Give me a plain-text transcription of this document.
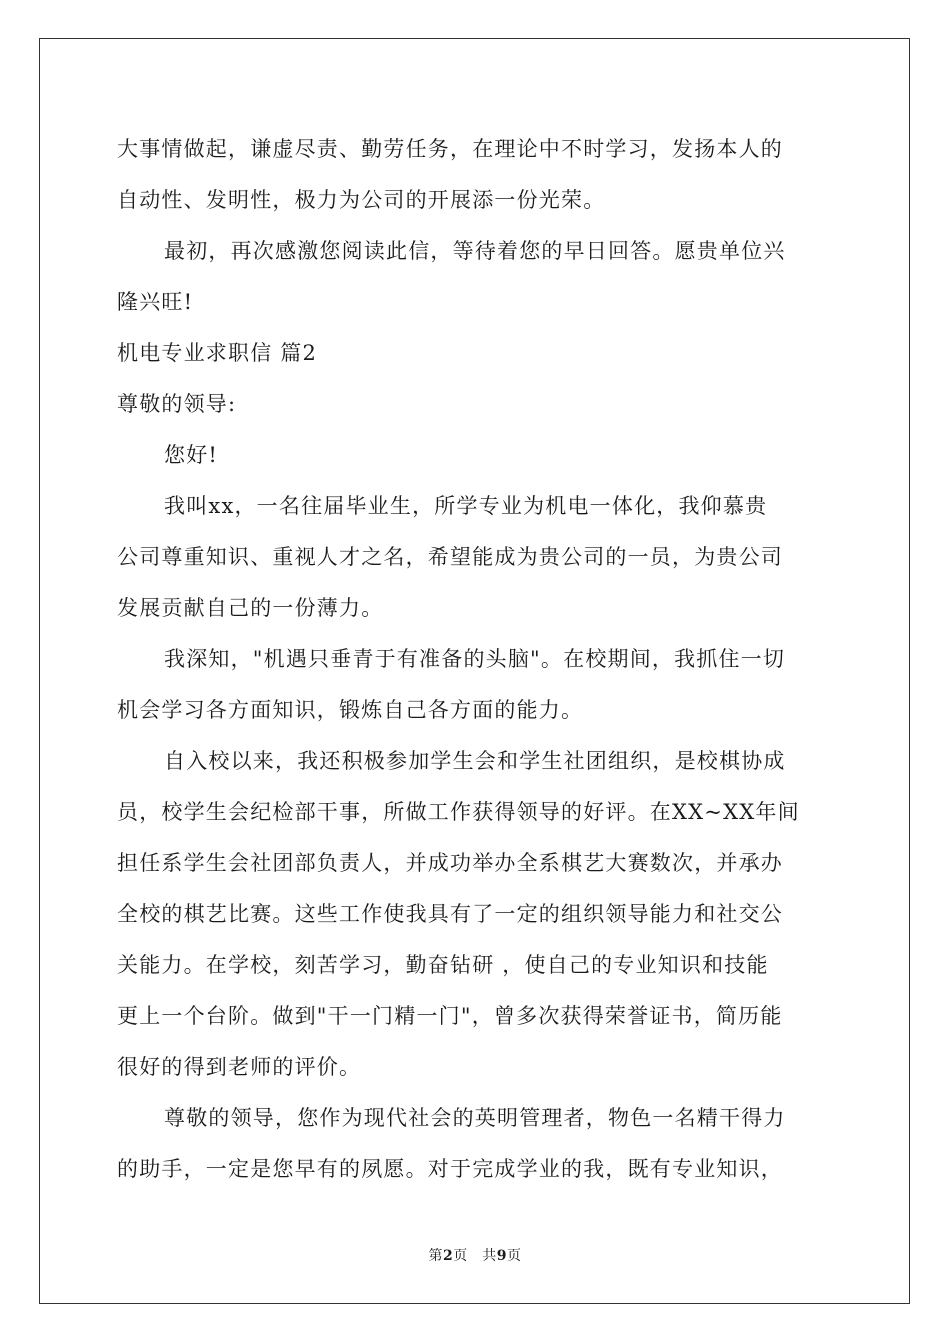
大事情做起，谦虚尽责、勤劳任务，在理论中不时学习，发扬本人的
自动性、发明性，极力为公司的开展添一份光荣。
最初，再次感激您阅读此信，等待着您的早日回答。愿贵单位兴
隆兴旺!
机电专业求职信 篇2
尊敬的领导:
您好!
我叫xx，一名往届毕业生，所学专业为机电一体化，我仰慕贵
公司尊重知识、重视人才之名，希望能成为贵公司的一员，为贵公司
发展贡献自己的一份薄力。
我深知，"机遇只垂青于有准备的头脑"。在校期间，我抓住一切
机会学习各方面知识，锻炼自己各方面的能力。
自入校以来，我还积极参加学生会和学生社团组织，是校棋协成
员，校学生会纪检部干事，所做工作获得领导的好评。在XX~XX年间
担任系学生会社团部负责人，并成功举办全系棋艺大赛数次，并承办
全校的棋艺比赛。这些工作使我具有了一定的组织领导能力和社交公
关能力。在学校，刻苦学习，勤奋钻研 ，使自己的专业知识和技能
更上一个台阶。做到"干一门精一门"，曾多次获得荣誉证书，简历能
很好的得到老师的评价。
尊敬的领导，您作为现代社会的英明管理者，物色一名精干得力
的助手，一定是您早有的夙愿。对于完成学业的我，既有专业知识，
第2页　共9页
